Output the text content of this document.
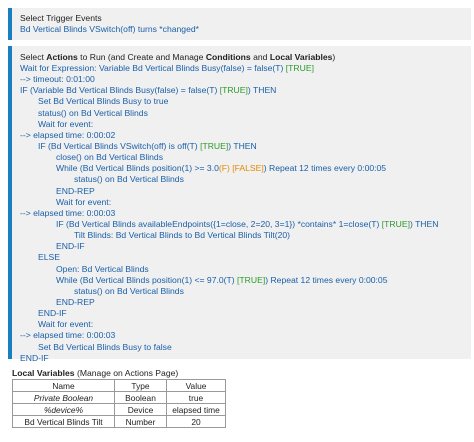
Select Trigger Events
Bd Vertical Blinds VSwitch(off) turns *changed*
Select Actions to Run (and Create and Manage Conditions and Local Variables)
Wait for Expression: Variable Bd Vertical Blinds Busy(false) = false(T) [TRUE]
--> timeout: 0:01:00
IF (Variable Bd Vertical Blinds Busy(false) = false(T) [TRUE]) THEN
Set Bd Vertical Blinds Busy to true
status() on Bd Vertical Blinds
Wait for event:
--> elapsed time: 0:00:02
IF (Bd Vertical Blinds VSwitch(off) is off(T) [TRUE]) THEN
close() on Bd Vertical Blinds
While (Bd Vertical Blinds position(1) >= 3.0(F) [FALSE]) Repeat 12 times every 0:00:05
status() on Bd Vertical Blinds
END-REP
Wait for event:
--> elapsed time: 0:00:03
IF (Bd Vertical Blinds availableEndpoints({1=close, 2=20, 3=1}) *contains* 1=close(T) [TRUE]) THEN
Tilt Blinds: Bd Vertical Blinds to Bd Vertical Blinds Tilt(20)
END-IF
ELSE
Open: Bd Vertical Blinds
While (Bd Vertical Blinds position(1) <= 97.0(T) [TRUE]) Repeat 12 times every 0:00:05
status() on Bd Vertical Blinds
END-REP
END-IF
Wait for event:
--> elapsed time: 0:00:03
Set Bd Vertical Blinds Busy to false
END-IF
Local Variables (Manage on Actions Page)
Name	Type	Value
Private Boolean	Boolean	true
%device%	Device	elapsed time
Bd Vertical Blinds Tilt	Number	20
